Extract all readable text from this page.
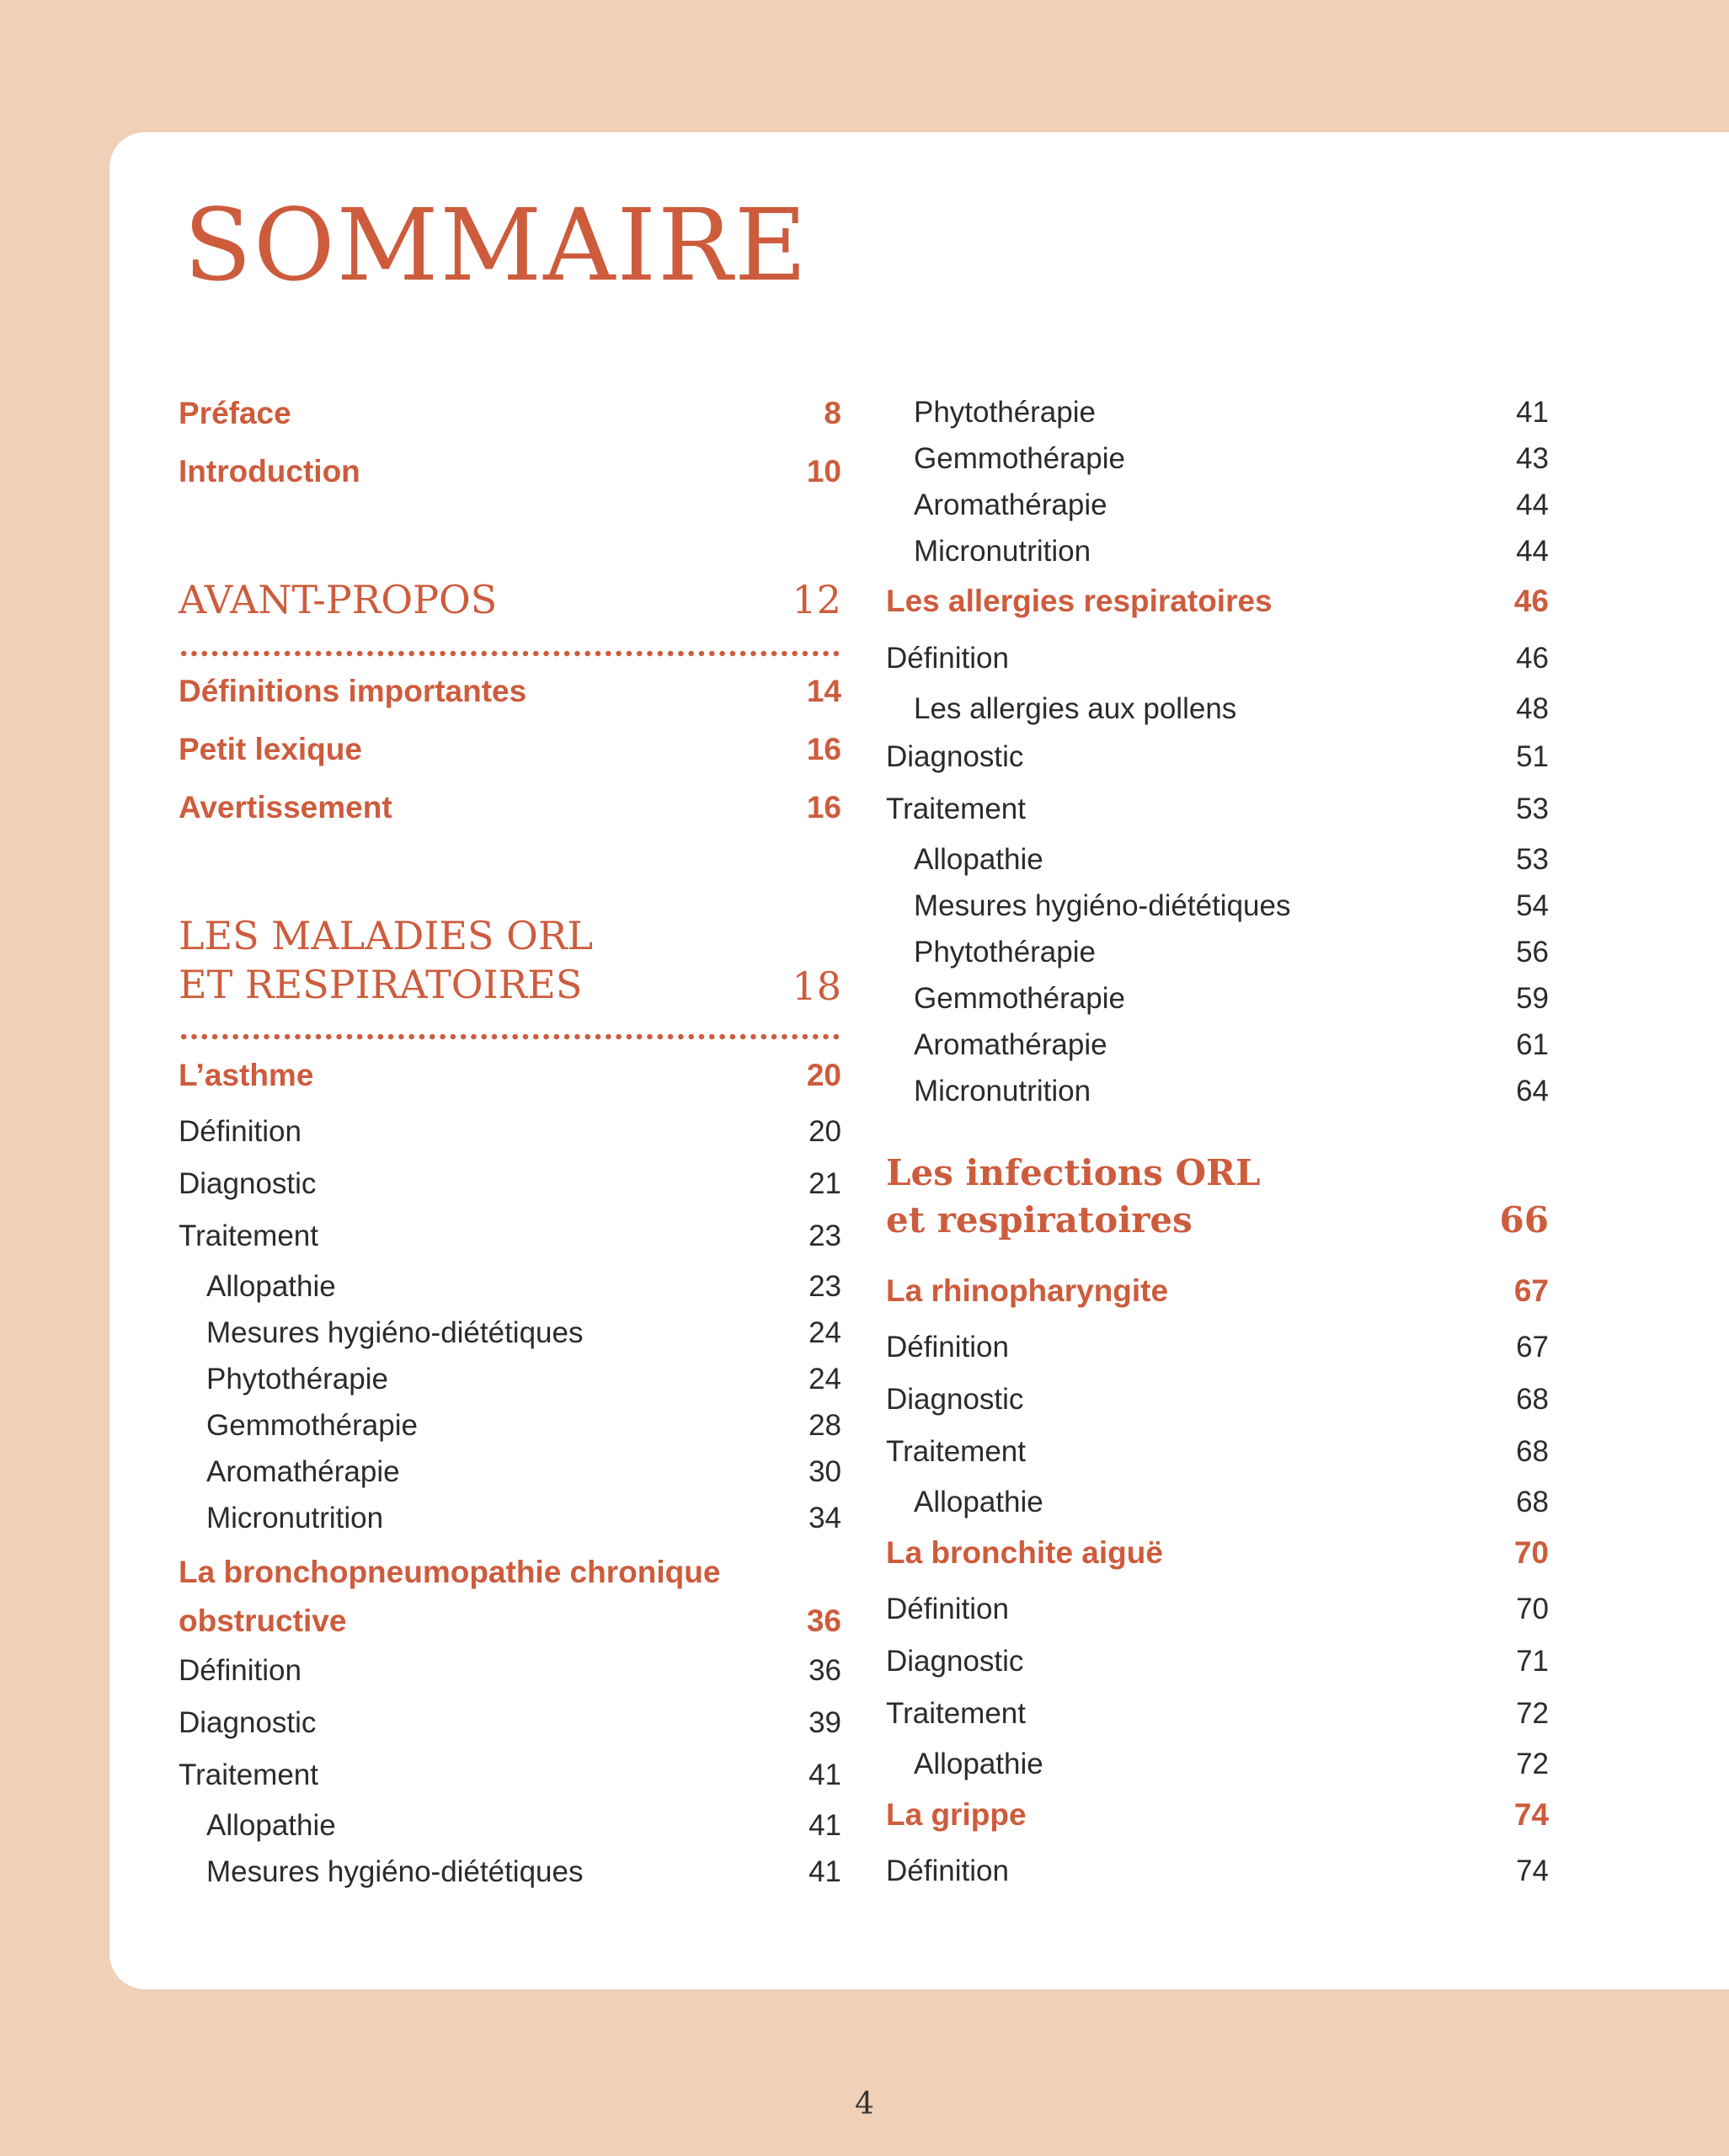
SOMMAIRE
Préface	8
Introduction	10
AVANT-PROPOS	12
Définitions importantes	14
Petit lexique	16
Avertissement	16
LES MALADIES ORL
ET RESPIRATOIRES	18
L’asthme	20
Définition	20
Diagnostic	21
Traitement	23
Allopathie	23
Mesures hygiéno-diététiques	24
Phytothérapie	24
Gemmothérapie	28
Aromathérapie	30
Micronutrition	34
La bronchopneumopathie chronique
obstructive	36
Définition	36
Diagnostic	39
Traitement	41
Allopathie	41
Mesures hygiéno-diététiques	41
Phytothérapie	41
Gemmothérapie	43
Aromathérapie	44
Micronutrition	44
Les allergies respiratoires	46
Définition	46
Les allergies aux pollens	48
Diagnostic	51
Traitement	53
Allopathie	53
Mesures hygiéno-diététiques	54
Phytothérapie	56
Gemmothérapie	59
Aromathérapie	61
Micronutrition	64
Les infections ORL
et respiratoires	66
La rhinopharyngite	67
Définition	67
Diagnostic	68
Traitement	68
Allopathie	68
La bronchite aiguë	70
Définition	70
Diagnostic	71
Traitement	72
Allopathie	72
La grippe	74
Définition	74
4
